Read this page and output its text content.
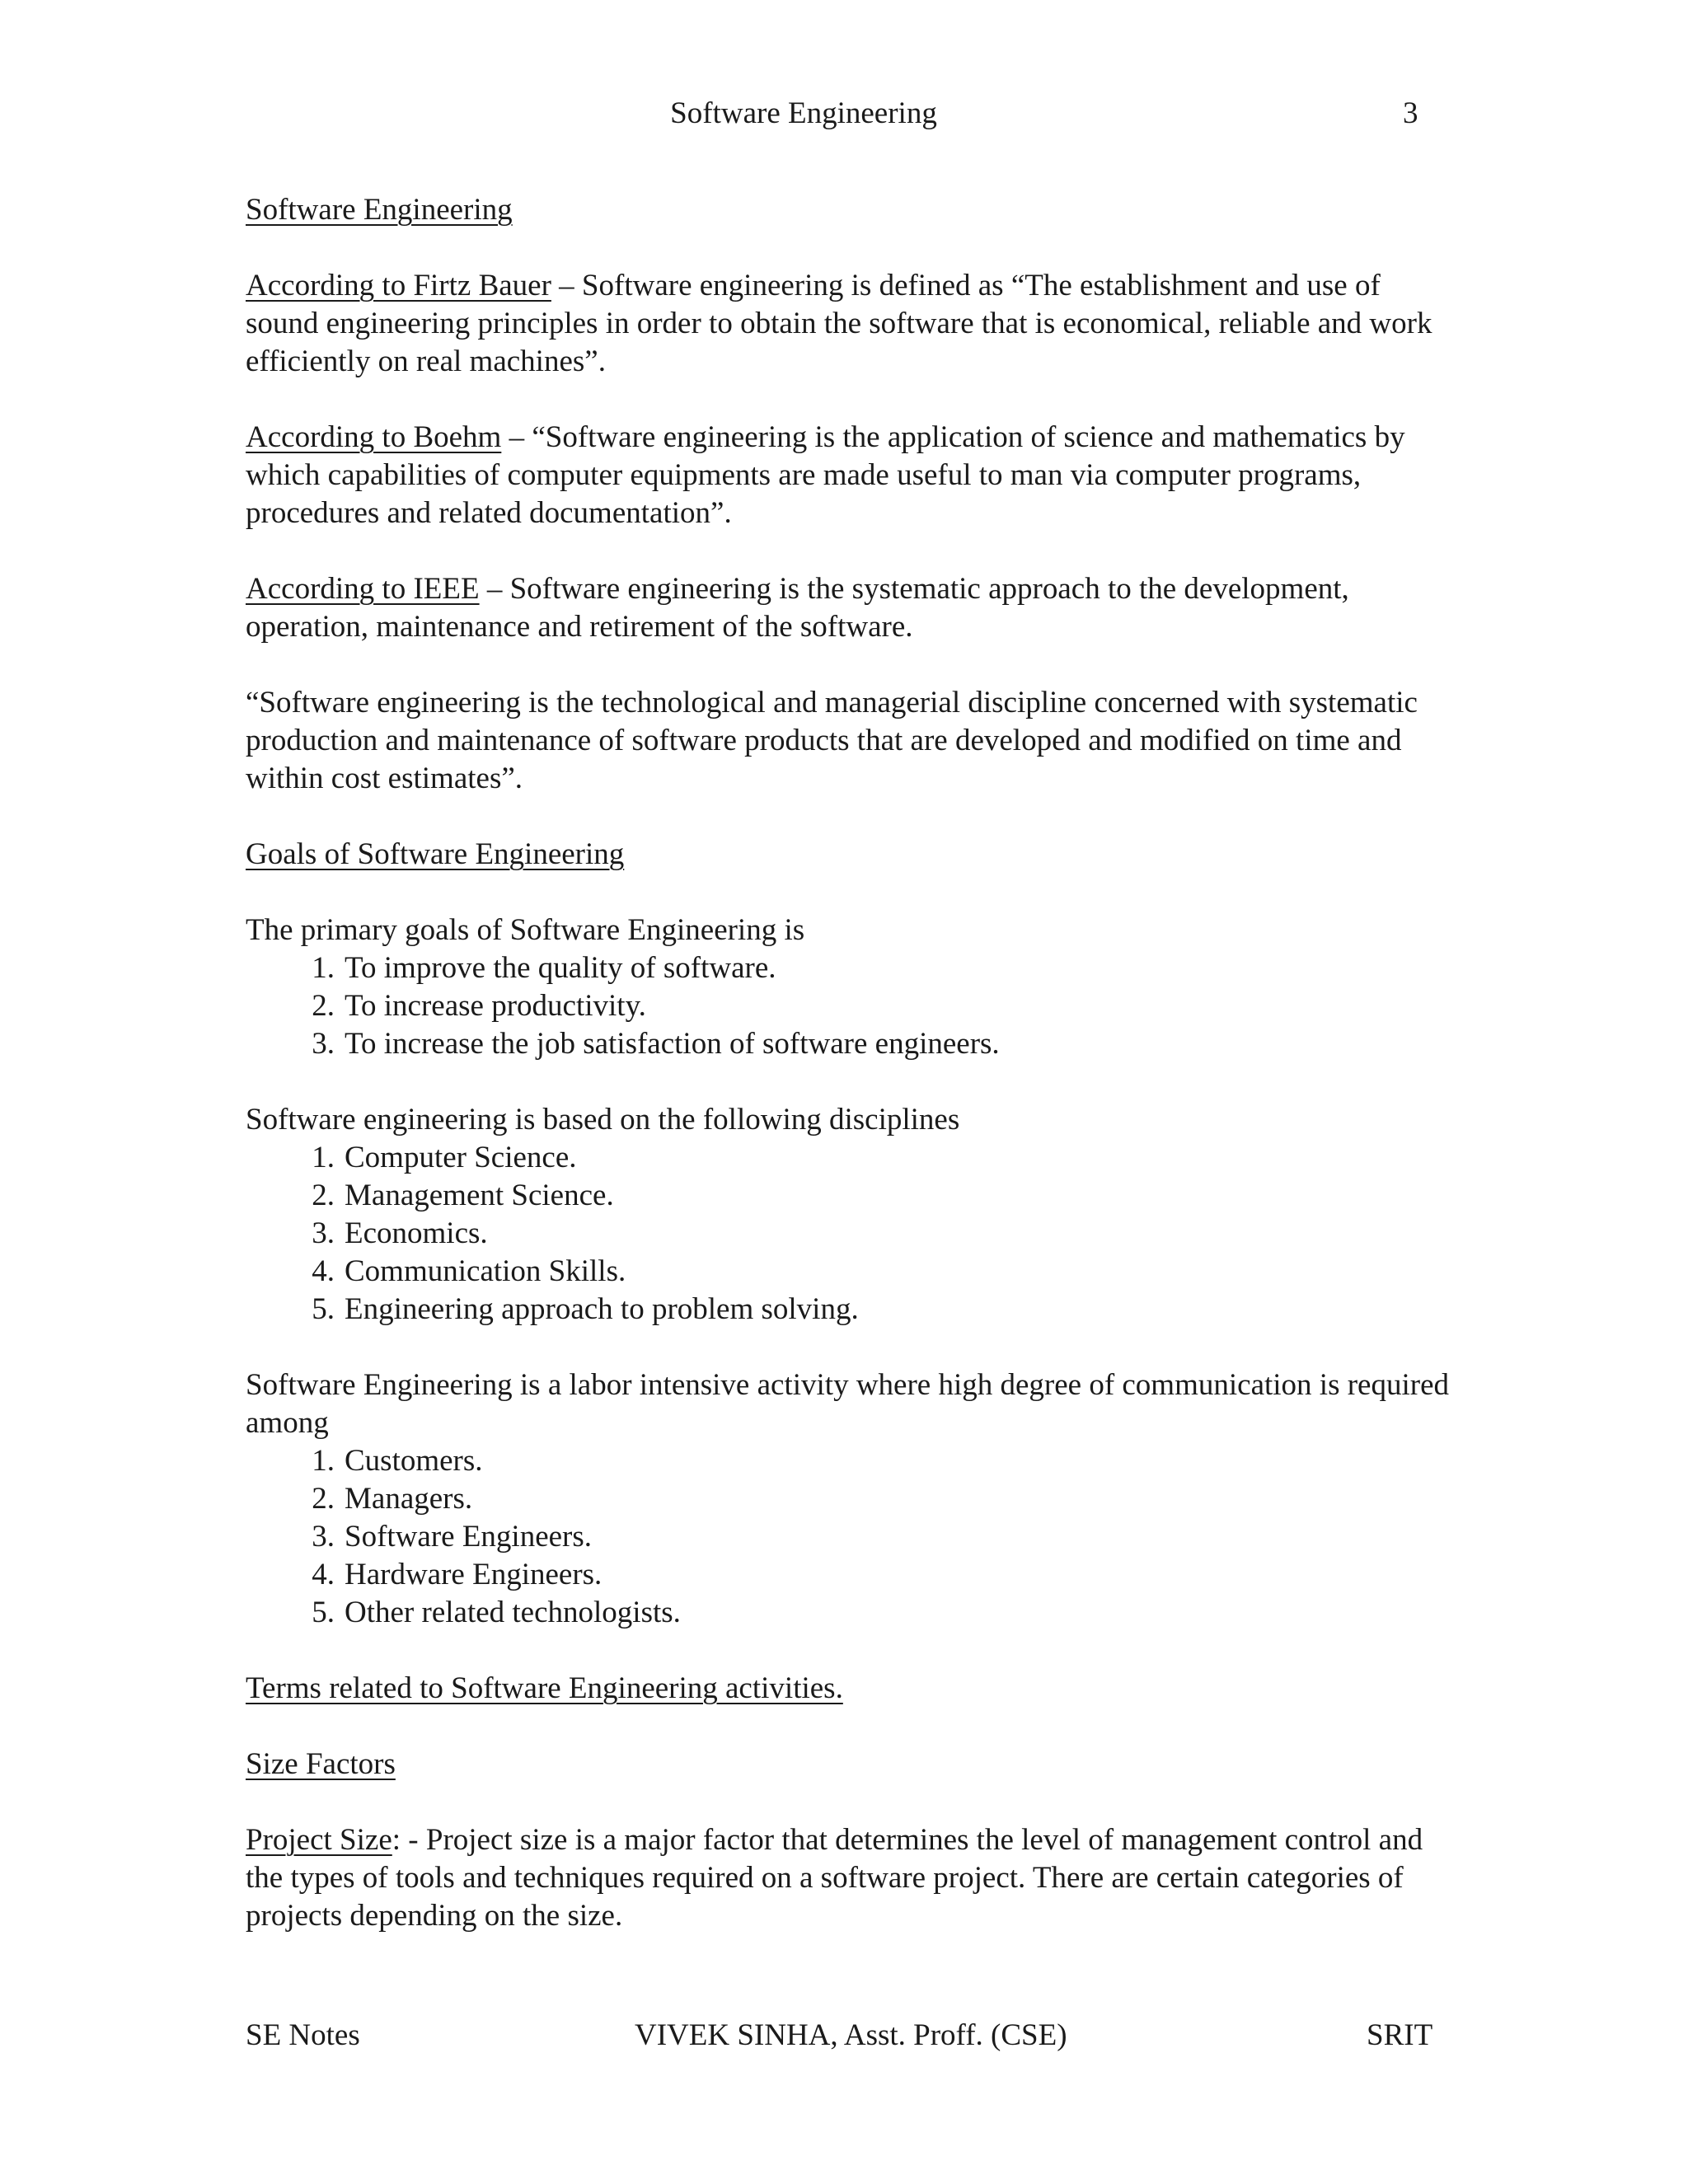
Software Engineering	3

Software Engineering

According to Firtz Bauer – Software engineering is defined as “The establishment and use of sound engineering principles in order to obtain the software that is economical, reliable and work efficiently on real machines”.

According to Boehm – “Software engineering is the application of science and mathematics by which capabilities of computer equipments are made useful to man via computer programs, procedures and related documentation”.

According to IEEE – Software engineering is the systematic approach to the development, operation, maintenance and retirement of the software.

“Software engineering is the technological and managerial discipline concerned with systematic production and maintenance of software products that are developed and modified on time and within cost estimates”.

Goals of Software Engineering

The primary goals of Software Engineering is
1. To improve the quality of software.
2. To increase productivity.
3. To increase the job satisfaction of software engineers.
Software engineering is based on the following disciplines
1. Computer Science.
2. Management Science.
3. Economics.
4. Communication Skills.
5. Engineering approach to problem solving.
Software Engineering is a labor intensive activity where high degree of communication is required among
1. Customers.
2. Managers.
3. Software Engineers.
4. Hardware Engineers.
5. Other related technologists.

Terms related to Software Engineering activities.

Size Factors

Project Size: - Project size is a major factor that determines the level of management control and the types of tools and techniques required on a software project. There are certain categories of projects depending on the size.

SE Notes	VIVEK SINHA, Asst. Proff. (CSE)	SRIT
